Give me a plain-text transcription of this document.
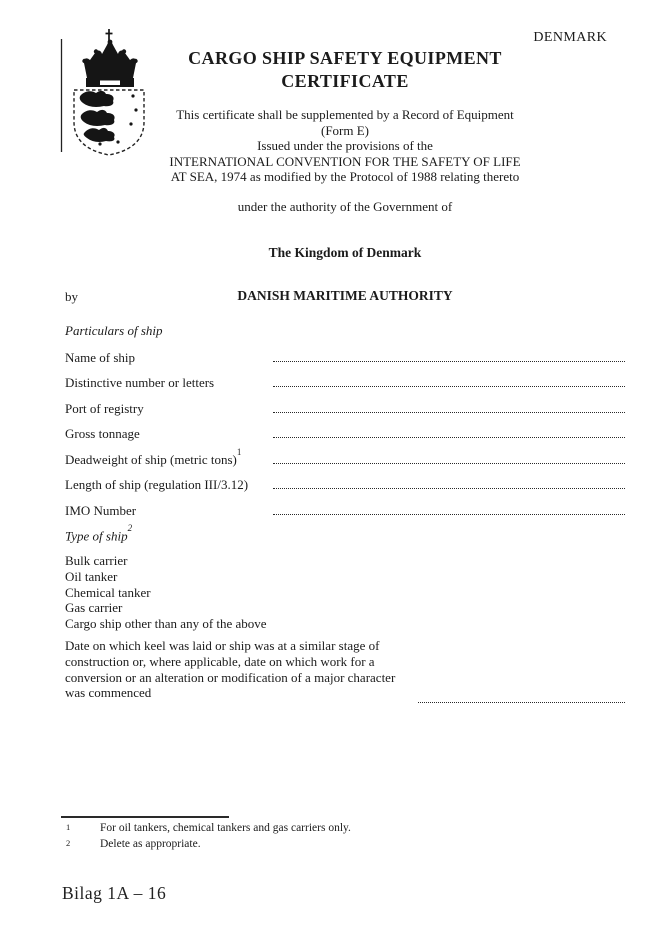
DENMARK
CARGO SHIP SAFETY EQUIPMENT
CERTIFICATE
This certificate shall be supplemented by a Record of Equipment
(Form E)
Issued under the provisions of the
INTERNATIONAL CONVENTION FOR THE SAFETY OF LIFE
AT SEA, 1974 as modified by the Protocol of 1988 relating thereto
under the authority of the Government of
The Kingdom of Denmark
by	DANISH MARITIME AUTHORITY
Particulars of ship
Name of ship
Distinctive number or letters
Port of registry
Gross tonnage
Deadweight of ship (metric tons)$^1$
Length of ship (regulation III/3.12)
IMO Number
Type of ship$^2$
Bulk carrier
Oil tanker
Chemical tanker
Gas carrier
Cargo ship other than any of the above
Date on which keel was laid or ship was at a similar stage of construction or, where applicable, date on which work for a conversion or an alteration or modification of a major character was commenced
1	For oil tankers, chemical tankers and gas carriers only.
2	Delete as appropriate.
Bilag 1A – 16
